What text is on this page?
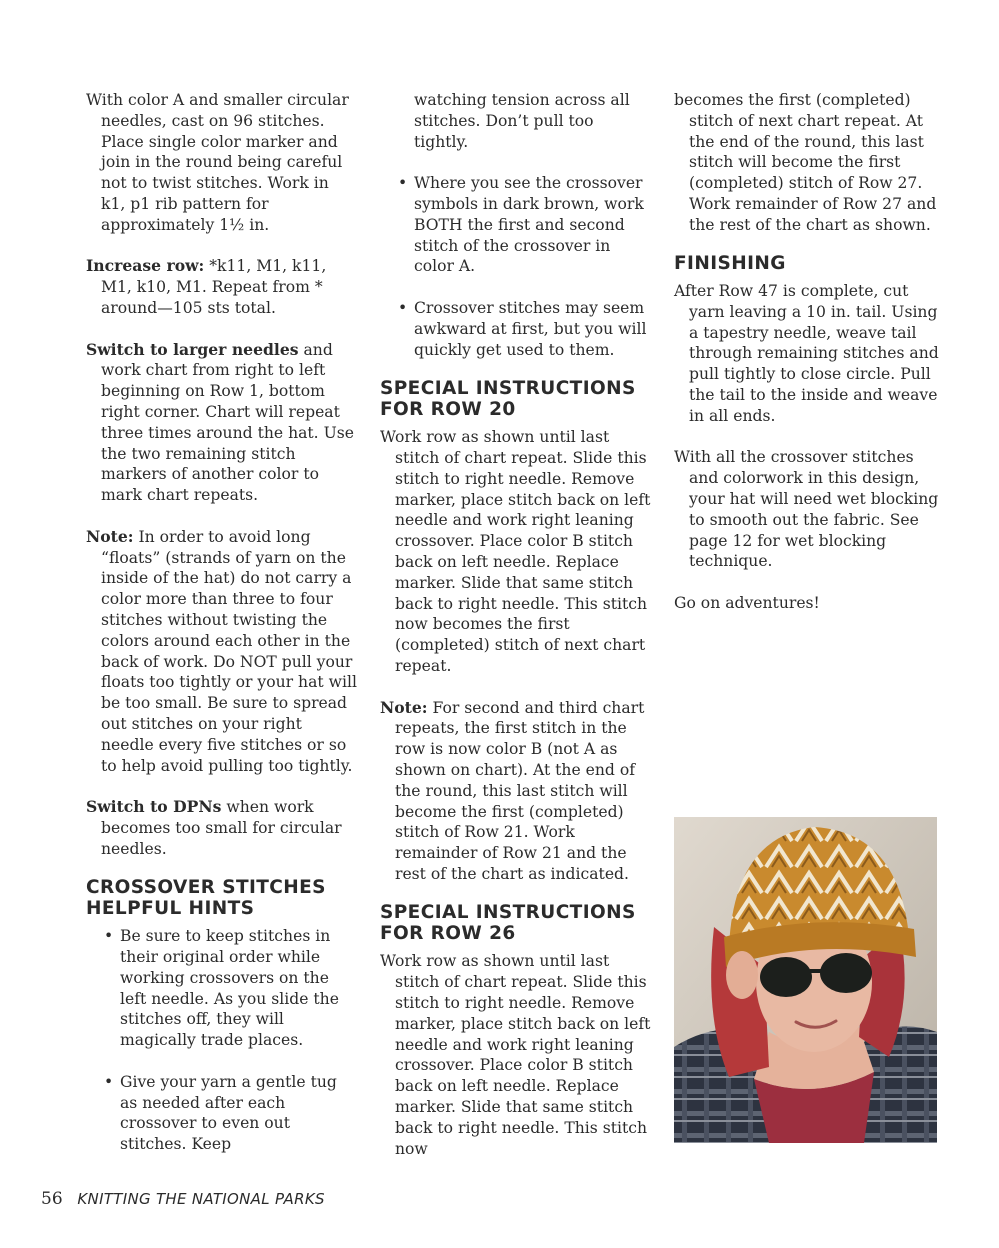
With color A and smaller circular needles, cast on 96 stitches. Place single color marker and join in the round being careful not to twist stitches. Work in k1, p1 rib pattern for approximately 1½ in.

Increase row: *k11, M1, k11, M1, k10, M1. Repeat from * around—105 sts total.

Switch to larger needles and work chart from right to left beginning on Row 1, bottom right corner. Chart will repeat three times around the hat. Use the two remaining stitch markers of another color to mark chart repeats.

Note: In order to avoid long “floats” (strands of yarn on the inside of the hat) do not carry a color more than three to four stitches without twisting the colors around each other in the back of work. Do NOT pull your floats too tightly or your hat will be too small. Be sure to spread out stitches on your right needle every five stitches or so to help avoid pulling too tightly.

Switch to DPNs when work becomes too small for circular needles.

CROSSOVER STITCHES HELPFUL HINTS
• Be sure to keep stitches in their original order while working crossovers on the left needle. As you slide the stitches off, they will magically trade places.
• Give your yarn a gentle tug as needed after each crossover to even out stitches. Keep

watching tension across all stitches. Don’t pull too tightly.

• Where you see the crossover symbols in dark brown, work BOTH the first and second stitch of the crossover in color A.
• Crossover stitches may seem awkward at first, but you will quickly get used to them.
SPECIAL INSTRUCTIONS FOR ROW 20

Work row as shown until last stitch of chart repeat. Slide this stitch to right needle. Remove marker, place stitch back on left needle and work right leaning crossover. Place color B stitch back on left needle. Replace marker. Slide that same stitch back to right needle. This stitch now becomes the first (completed) stitch of next chart repeat.

Note: For second and third chart repeats, the first stitch in the row is now color B (not A as shown on chart). At the end of the round, this last stitch will become the first (completed) stitch of Row 21. Work remainder of Row 21 and the rest of the chart as indicated.

SPECIAL INSTRUCTIONS FOR ROW 26

Work row as shown until last stitch of chart repeat. Slide this stitch to right needle. Remove marker, place stitch back on left needle and work right leaning crossover. Place color B stitch back on left needle. Replace marker. Slide that same stitch back to right needle. This stitch now

becomes the first (completed) stitch of next chart repeat. At the end of the round, this last stitch will become the first (completed) stitch of Row 27. Work remainder of Row 27 and the rest of the chart as shown.

FINISHING

After Row 47 is complete, cut yarn leaving a 10 in. tail. Using a tapestry needle, weave tail through remaining stitches and pull tightly to close circle. Pull the tail to the inside and weave in all ends.

With all the crossover stitches and colorwork in this design, your hat will need wet blocking to smooth out the fabric. See page 12 for wet blocking technique.

Go on adventures!

56 KNITTING THE NATIONAL PARKS
